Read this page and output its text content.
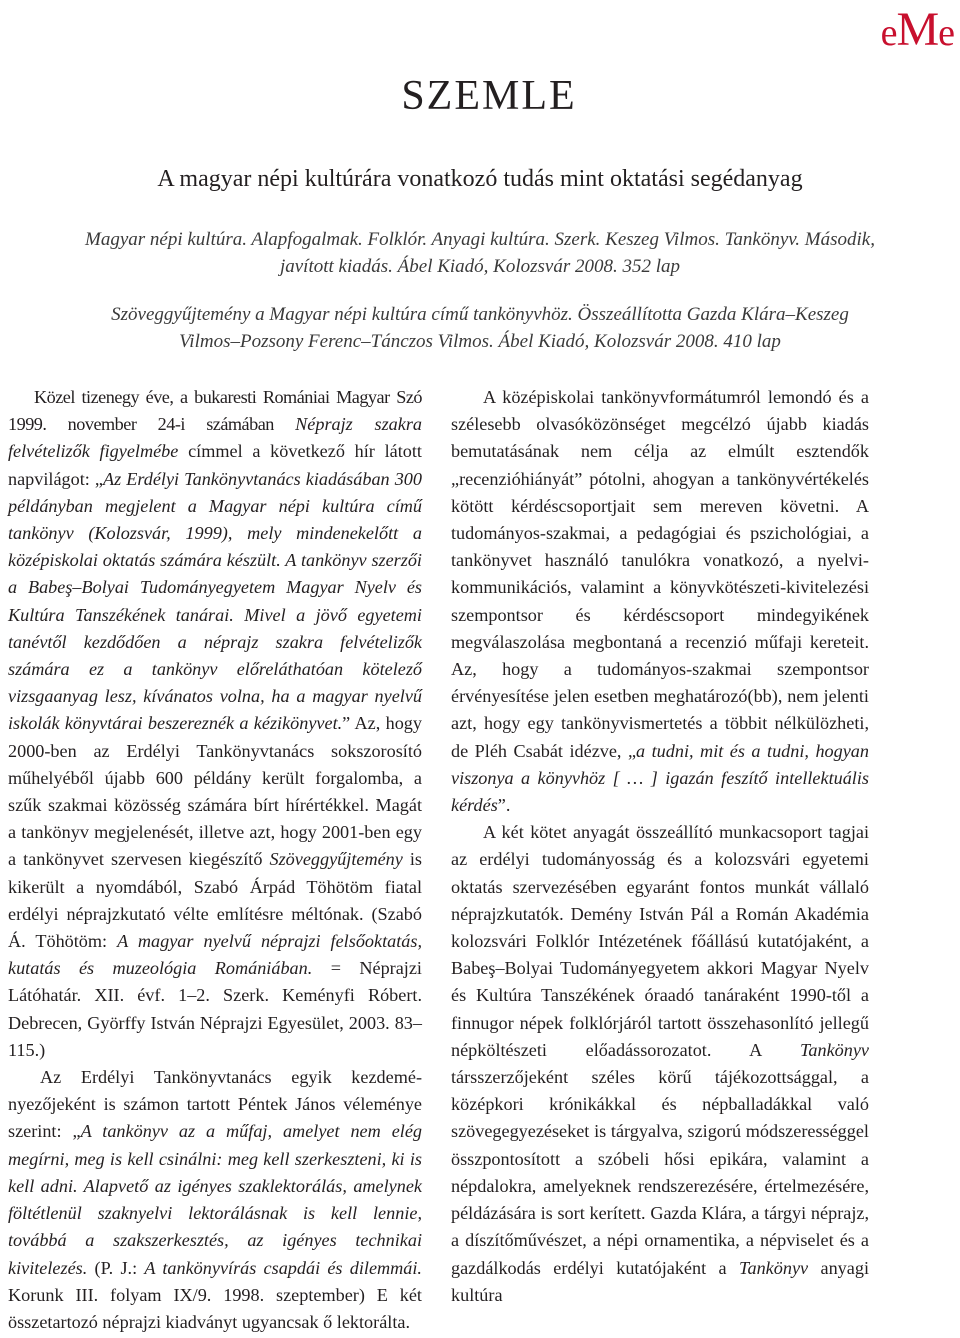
eMe
SZEMLE
A magyar népi kultúrára vonatkozó tudás mint oktatási segédanyag

Magyar népi kultúra. Alapfogalmak. Folklór. Anyagi kultúra. Szerk. Keszeg Vilmos. Tankönyv. Második,
javított kiadás. Ábel Kiadó, Kolozsvár 2008. 352 lap

Szöveggyűjtemény a Magyar népi kultúra című tankönyvhöz. Összeállította Gazda Klára–Keszeg
Vilmos–Pozsony Ferenc–Tánczos Vilmos. Ábel Kiadó, Kolozsvár 2008. 410 lap

Közel tizenegy éve, a bukaresti Romániai Magyar Szó 1999. november 24-i számában Néprajz szakra felvételizők figyelmébe címmel a következő hír látott napvilágot: „Az Erdélyi Tankönyvtanács kiadásában 300 példányban megjelent a Magyar népi kultúra című tankönyv (Kolozsvár, 1999), mely mindenekelőtt a középiskolai oktatás számára készült. A tankönyv szerzői a Babeş–Bolyai Tudományegyetem Magyar Nyelv és Kultúra Tanszékének tanárai. Mivel a jövő egyetemi tanévtől kezdődően a néprajz szakra felvételizők számára ez a tankönyv előreláthatóan kötelező vizsgaanyag lesz, kívánatos volna, ha a magyar nyelvű iskolák könyvtárai beszereznék a kézikönyvet.” Az, hogy 2000-ben az Erdélyi Tankönyvtanács sokszorosító műhelyéből újabb 600 példány került forgalomba, a szűk szakmai közösség számára bírt hírértékkel. Magát a tankönyv megjelenését, illetve azt, hogy 2001-ben egy a tankönyvet szervesen kiegészítő Szöveggyűjtemény is kikerült a nyomdából, Szabó Árpád Töhötöm fiatal erdélyi néprajzkutató vélte említésre méltónak. (Szabó Á. Töhötöm: A magyar nyelvű néprajzi felsőoktatás, kutatás és muzeológia Romániában. = Néprajzi Látóhatár. XII. évf. 1–2. Szerk. Keményfi Róbert. Debrecen, Györffy István Néprajzi Egyesület, 2003. 83–115.)

Az Erdélyi Tankönyvtanács egyik kezdeményezőjeként is számon tartott Péntek János véleménye szerint: „A tankönyv az a műfaj, amelyet nem elég megírni, meg is kell csinálni: meg kell szerkeszteni, ki is kell adni. Alapvető az igényes szaklektorálás, amelynek föltétlenül szaknyelvi lektorálásnak is kell lennie, továbbá a szakszerkesztés, az igényes technikai kivitelezés. (P. J.: A tankönyvírás csapdái és dilemmái. Korunk III. folyam IX/9. 1998. szeptember) E két összetartozó néprajzi kiadványt ugyancsak ő lektorálta.

A középiskolai tankönyvformátumról lemondó és a szélesebb olvasóközönséget megcélzó újabb kiadás bemutatásának nem célja az elmúlt esztendők „recenzióhiányát” pótolni, ahogyan a tankönyvértékelés kötött kérdéscsoportjait sem mereven követni. A tudományos-szakmai, a pedagógiai és pszichológiai, a tankönyvet használó tanulókra vonatkozó, a nyelvi-kommunikációs, valamint a könyvkötészeti-kivitelezési szempontsor és kérdéscsoport mindegyikének megválaszolása megbontaná a recenzió műfaji kereteit. Az, hogy a tudományos-szakmai szempontsor érvényesítése jelen esetben meghatározó(bb), nem jelenti azt, hogy egy tankönyvismertetés a többit nélkülözheti, de Pléh Csabát idézve, „a tudni, mit és a tudni, hogyan viszonya a könyvhöz [ … ] igazán feszítő intellektuális kérdés”.

A két kötet anyagát összeállító munkacsoport tagjai az erdélyi tudományosság és a kolozsvári egyetemi oktatás szervezésében egyaránt fontos munkát vállaló néprajzkutatók. Demény István Pál a Román Akadémia kolozsvári Folklór Intézetének főállású kutatójaként, a Babeş–Bolyai Tudományegyetem akkori Magyar Nyelv és Kultúra Tanszékének óraadó tanáraként 1990-től a finnugor népek folklórjáról tartott összehasonlító jellegű népköltészeti előadássorozatot. A Tankönyv társszerzőjeként széles körű tájékozottsággal, a középkori krónikákkal és népballadákkal való szövegegyezéseket is tárgyalva, szigorú módszerességgel összpontosított a szóbeli hősi epikára, valamint a népdalokra, amelyeknek rendszerezésére, értelmezésére, példázására is sort kerített. Gazda Klára, a tárgyi néprajz, a díszítőművészet, a népi ornamentika, a népviselet és a gazdálkodás erdélyi kutatójaként a Tankönyv anyagi kultúra
